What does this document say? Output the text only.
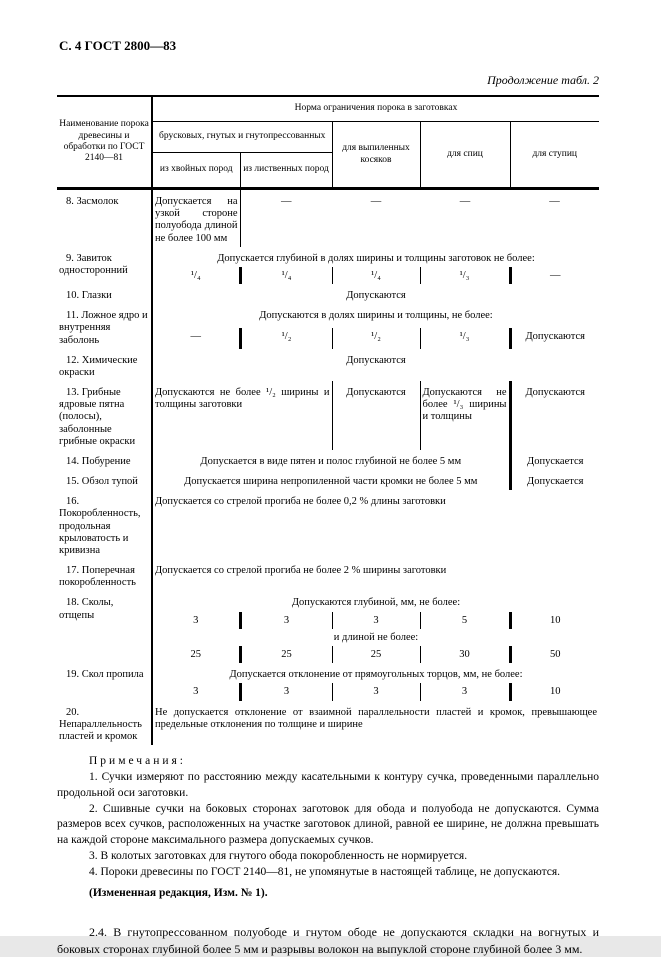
С. 4 ГОСТ 2800—83
Продолжение табл. 2
Наименование порока древесины и обработки по ГОСТ 2140—81	Норма ограничения порока в заготовках				
	брусковых, гнутых и гнутопрессованных		для выпиленных косяков	для спиц	для ступиц
	из хвойных пород	из лиственных пород			
8. Засмолок	Допускается на узкой стороне полуобода длиной не более 100 мм	—	—	—	—
9. Завиток односторонний	Допускается глубиной в долях ширины и толщины заготовок не более:				
	¹/₄	¹/₄	¹/₄	¹/₃	—
10. Глазки	Допускаются				
11. Ложное ядро и внутренняя заболонь	Допускаются в долях ширины и толщины, не более:				
	—	¹/₂	¹/₂	¹/₃	Допускаются
12. Химические окраски	Допускаются				
13. Грибные ядровые пятна (полосы), заболонные грибные окраски	Допускаются не более ¹/₂ ширины и толщины заготовки		Допускаются	Допускаются не более ¹/₃ ширины и толщины	Допускаются
14. Побурение	Допускается в виде пятен и полос глубиной не более 5 мм				Допускается
15. Обзол тупой	Допускается ширина непропиленной части кромки не более 5 мм				Допускается
16. Покоробленность, продольная крыловатость и кривизна	Допускается со стрелой прогиба не более 0,2 % длины заготовки				
17. Поперечная покоробленность	Допускается со стрелой прогиба не более 2 % ширины заготовки				
18. Сколы, отщепы	Допускаются глубиной, мм, не более:				
	3	3	3	5	10
	и длиной не более:				
	25	25	25	30	50
19. Скол пропила	Допускается отклонение от прямоугольных торцов, мм, не более:				
	3	3	3	3	10
20. Непараллельность пластей и кромок	Не допускается отклонение от взаимной параллельности пластей и кромок, превышающее предельные отклонения по толщине и ширине				

Примечания:

1. Сучки измеряют по расстоянию между касательными к контуру сучка, проведенными параллельно продольной оси заготовки.

2. Сшивные сучки на боковых сторонах заготовок для обода и полуобода не допускаются. Сумма размеров всех сучков, расположенных на участке заготовок длиной, равной ее ширине, не должна превышать на каждой стороне максимального размера допускаемых сучков.

3. В колотых заготовках для гнутого обода покоробленность не нормируется.

4. Пороки древесины по ГОСТ 2140—81, не упомянутые в настоящей таблице, не допускаются.

(Измененная редакция, Изм. № 1).

2.4. В гнутопрессованном полуободе и гнутом ободе не допускаются складки на вогнутых и боковых сторонах глубиной более 5 мм и разрывы волокон на выпуклой стороне глубиной более 3 мм.
